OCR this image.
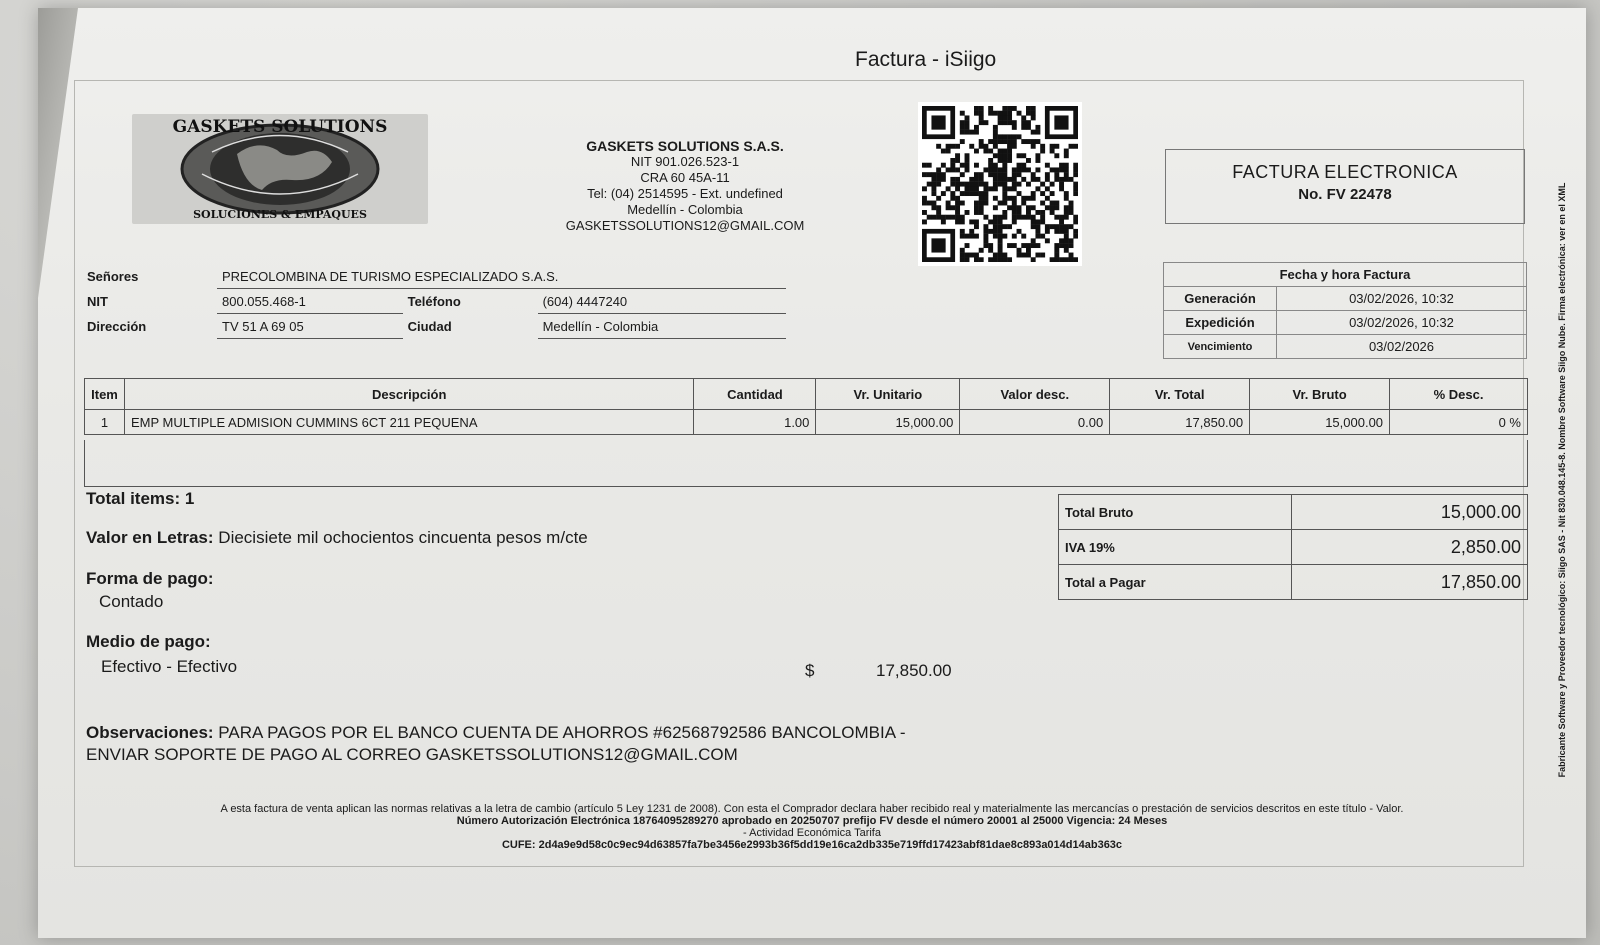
Factura - iSiigo
GASKETS SOLUTIONS
SOLUCIONES & EMPAQUES
GASKETS SOLUTIONS S.A.S.
NIT 901.026.523-1
CRA 60 45A-11
Tel: (04) 2514595 - Ext. undefined
Medellín - Colombia
GASKETSSOLUTIONS12@GMAIL.COM
FACTURA ELECTRONICA
No. FV 22478
Señores	PRECOLOMBINA DE TURISMO ESPECIALIZADO S.A.S.		
NIT	800.055.468-1	Teléfono	(604) 4447240
Dirección	TV 51 A 69 05	Ciudad	Medellín - Colombia
Fecha y hora Factura	
Generación	03/02/2026, 10:32
Expedición	03/02/2026, 10:32
Vencimiento	03/02/2026
Item	Descripción	Cantidad	Vr. Unitario	Valor desc.	Vr. Total	Vr. Bruto	% Desc.
1	EMP MULTIPLE ADMISION CUMMINS 6CT 211 PEQUENA	1.00	15,000.00	0.00	17,850.00	15,000.00	0 %
Total items: 1
Valor en Letras: Diecisiete mil ochocientos cincuenta pesos m/cte
Forma de pago:
Contado
Medio de pago:
Efectivo - Efectivo	$	17,850.00
Total Bruto	15,000.00
IVA 19%	2,850.00
Total a Pagar	17,850.00
Observaciones: PARA PAGOS POR EL BANCO CUENTA DE AHORROS #62568792586 BANCOLOMBIA -
ENVIAR SOPORTE DE PAGO AL CORREO GASKETSSOLUTIONS12@GMAIL.COM
A esta factura de venta aplican las normas relativas a la letra de cambio (artículo 5 Ley 1231 de 2008). Con esta el Comprador declara haber recibido real y materialmente las mercancías o prestación de servicios descritos en este título - Valor.
Número Autorización Electrónica 18764095289270 aprobado en 20250707 prefijo FV desde el número 20001 al 25000 Vigencia: 24 Meses
- Actividad Económica Tarifa
CUFE: 2d4a9e9d58c0c9ec94d63857fa7be3456e2993b36f5dd19e16ca2db335e719ffd17423abf81dae8c893a014d14ab363c
Fabricante Software y Proveedor tecnológico: Siigo SAS - Nit 830.048.145-8. Nombre Software Siigo Nube. Firma electrónica: ver en el XML
